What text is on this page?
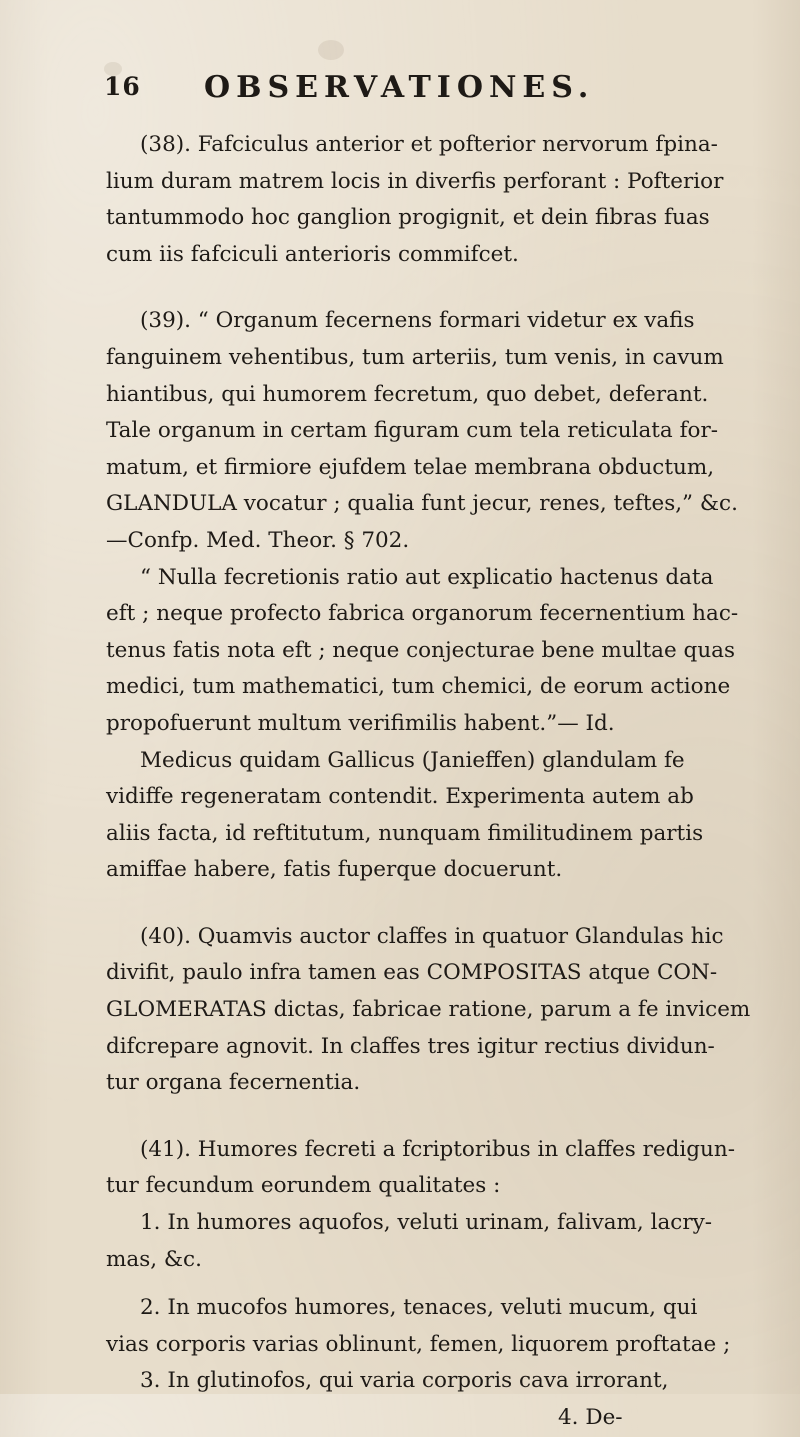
16 OBSERVATIONES.

(38). Fafciculus anterior et pofterior nervorum fpina-
lium duram matrem locis in diverfis perforant : Pofterior
tantummodo hoc ganglion progignit, et dein fibras fuas
cum iis fafciculi anterioris commifcet.

(39). “ Organum fecernens formari videtur ex vafis
fanguinem vehentibus, tum arteriis, tum venis, in cavum
hiantibus, qui humorem fecretum, quo debet, deferant.
Tale organum in certam figuram cum tela reticulata for-
matum, et firmiore ejufdem telae membrana obductum,
GLANDULA vocatur ; qualia funt jecur, renes, teftes,” &c.
—Confp. Med. Theor. § 702.
“ Nulla fecretionis ratio aut explicatio hactenus data
eft ; neque profecto fabrica organorum fecernentium hac-
tenus fatis nota eft ; neque conjecturae bene multae quas
medici, tum mathematici, tum chemici, de eorum actione
propofuerunt multum verifimilis habent.”— Id.
Medicus quidam Gallicus (Janieffen) glandulam fe
vidiffe regeneratam contendit. Experimenta autem ab
aliis facta, id reftitutum, nunquam fimilitudinem partis
amiffae habere, fatis fuperque docuerunt.

(40). Quamvis auctor claffes in quatuor Glandulas hic
divifit, paulo infra tamen eas COMPOSITAS atque CON-
GLOMERATAS dictas, fabricae ratione, parum a fe invicem
difcrepare agnovit. In claffes tres igitur rectius dividun-
tur organa fecernentia.

(41). Humores fecreti a fcriptoribus in claffes redigun-
tur fecundum eorundem qualitates :
1. In humores aquofos, veluti urinam, falivam, lacry-
mas, &c.
2. In mucofos humores, tenaces, veluti mucum, qui
vias corporis varias oblinunt, femen, liquorem proftatae ;
3. In glutinofos, qui varia corporis cava irrorant,
4. De-
